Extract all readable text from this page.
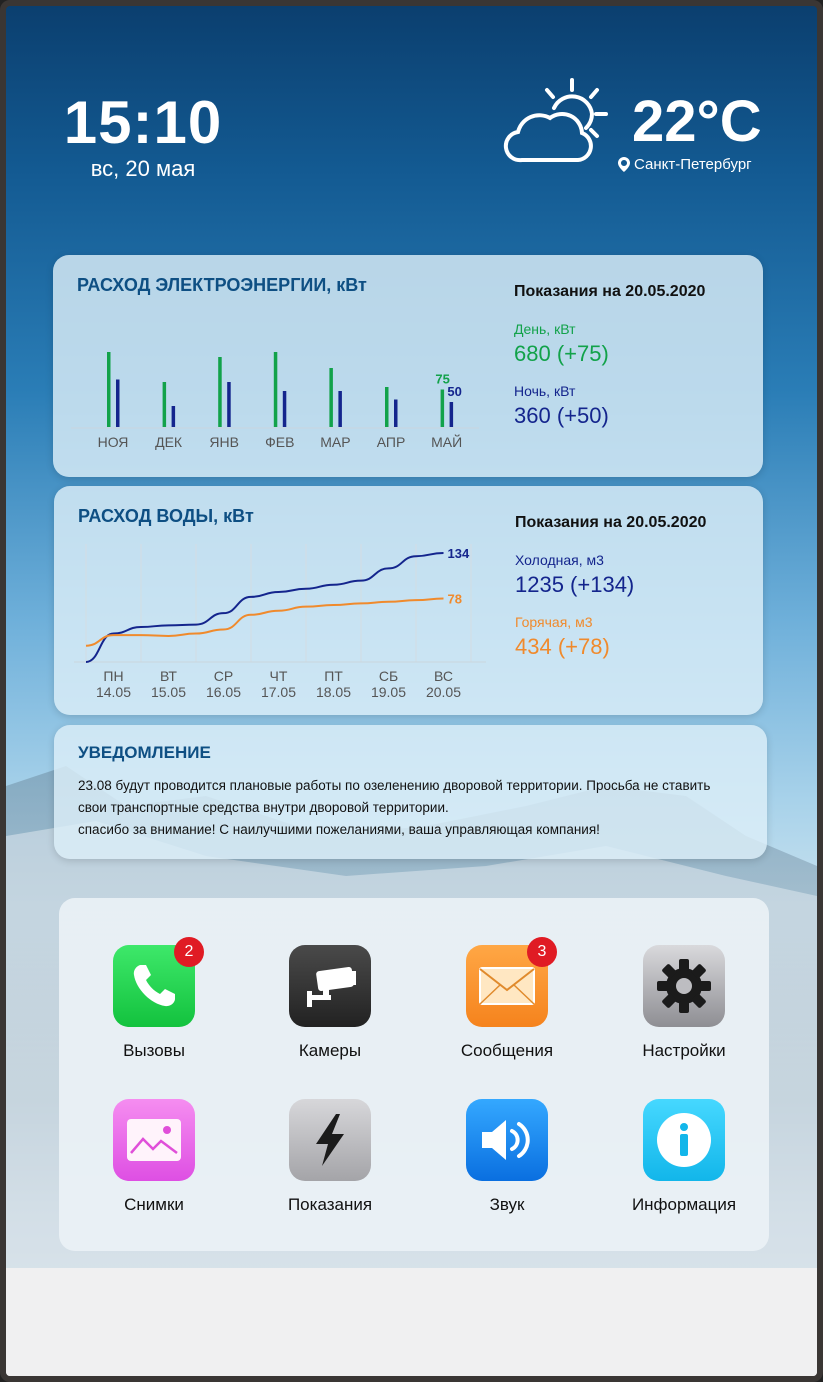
15:10
вс, 20 мая
22°C
Санкт-Петербург
РАСХОД ЭЛЕКТРОЭНЕРГИИ, кВт
НОЯ ДЕК ЯНВ ФЕВ МАР АПР МАЙ
75
50
Показания на 20.05.2020
День, кВт
680 (+75)
Ночь, кВт
360 (+50)
РАСХОД ВОДЫ, кВт
134
78
ПН
14.05
ВТ
15.05
СР
16.05
ЧТ
17.05
ПТ
18.05
СБ
19.05
ВС
20.05
Показания на 20.05.2020
Холодная, м3
1235 (+134)
Горячая, м3
434 (+78)
УВЕДОМЛЕНИЕ
23.08 будут проводится плановые работы по озеленению дворовой территории. Просьба не ставить свои транспортные средства внутри дворовой территории.
спасибо за внимание! С наилучшими пожеланиями, ваша управляющая компания!
2
Вызовы	Камеры
3
Сообщения	Настройки
Снимки	Показания	Звук	Информация
